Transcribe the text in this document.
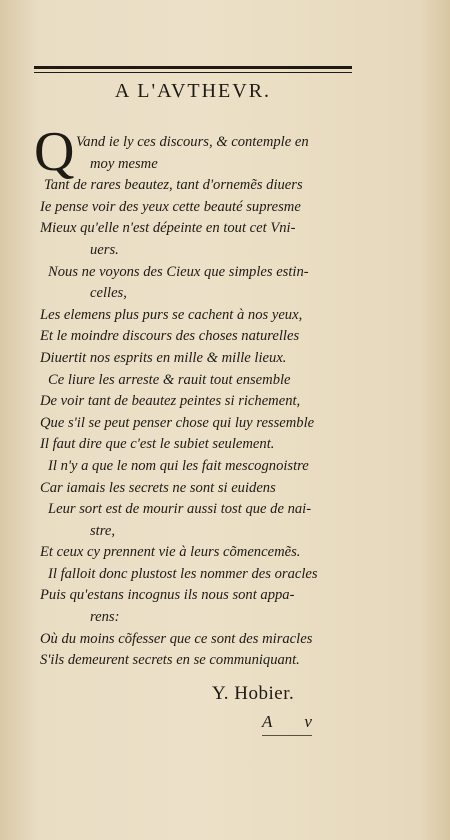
A L'AVTHEVR.
Q Vand ie ly ces discours, & contemple en
moy mesme
Tant de rares beautez, tant d'ornemẽs diuers
Ie pense voir des yeux cette beauté supresme
Mieux qu'elle n'est dépeinte en tout cet Vni-
uers.
Nous ne voyons des Cieux que simples estin-
celles,
Les elemens plus purs se cachent à nos yeux,
Et le moindre discours des choses naturelles
Diuertit nos esprits en mille & mille lieux.
Ce liure les arreste & rauit tout ensemble
De voir tant de beautez peintes si richement,
Que s'il se peut penser chose qui luy ressemble
Il faut dire que c'est le subiet seulement.
Il n'y a que le nom qui les fait mescognoistre
Car iamais les secrets ne sont si euidens
Leur sort est de mourir aussi tost que de nai-
stre,
Et ceux cy prennent vie à leurs cõmencemẽs.
Il falloit donc plustost les nommer des oracles
Puis qu'estans incognus ils nous sont appa-
rens:
Où du moins cõfesser que ce sont des miracles
S'ils demeurent secrets en se communiquant.
Y. Hobier.
A v
